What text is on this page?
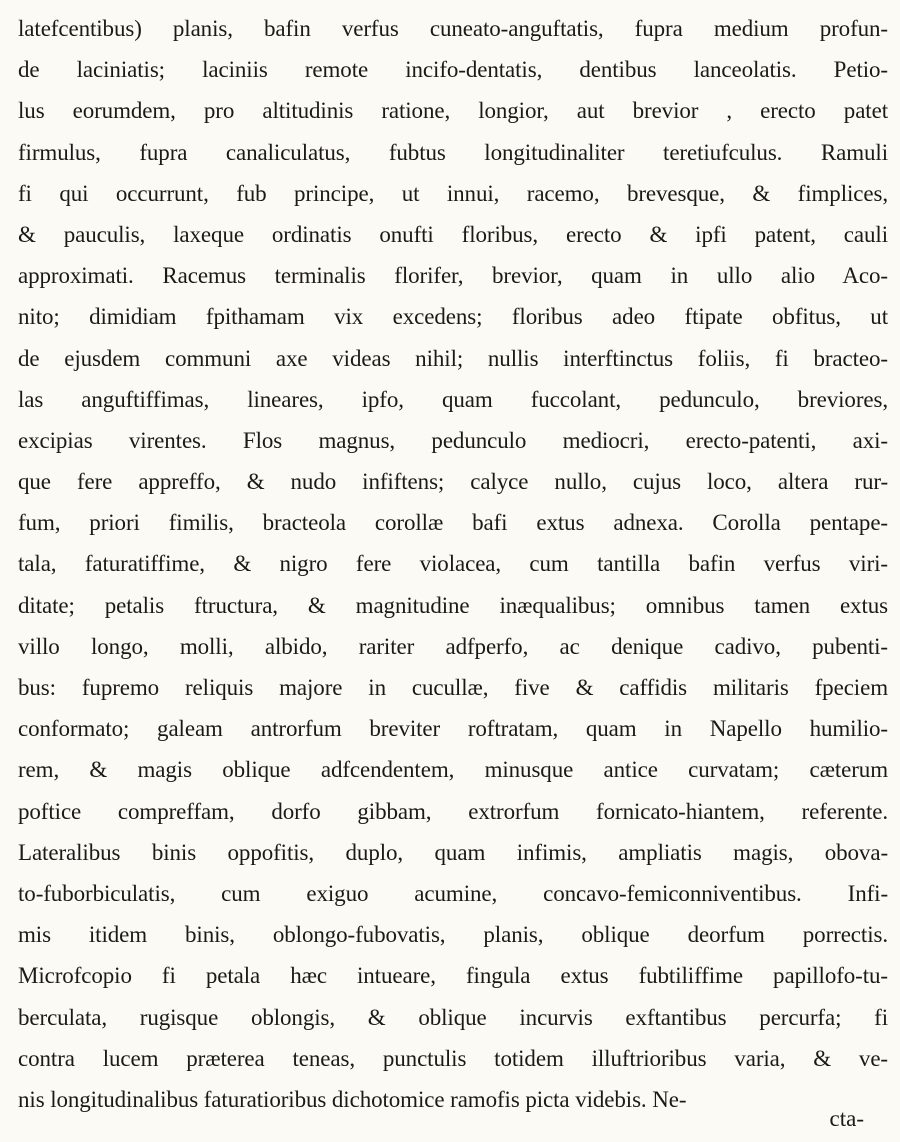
latefcentibus) planis, bafin verfus cuneato-anguftatis, fupra medium profun-
de laciniatis; laciniis remote incifo-dentatis, dentibus lanceolatis. Petio-
lus eorumdem, pro altitudinis ratione, longior, aut brevior , erecto patet
firmulus, fupra canaliculatus, fubtus longitudinaliter teretiufculus. Ramuli
fi qui occurrunt, fub principe, ut innui, racemo, brevesque, & fimplices,
& pauculis, laxeque ordinatis onufti floribus, erecto & ipfi patent, cauli
approximati. Racemus terminalis florifer, brevior, quam in ullo alio Aco-
nito; dimidiam fpithamam vix excedens; floribus adeo ftipate obfitus, ut
de ejusdem communi axe videas nihil; nullis interftinctus foliis, fi bracteo-
las anguftiffimas, lineares, ipfo, quam fuccolant, pedunculo, breviores,
excipias virentes. Flos magnus, pedunculo mediocri, erecto-patenti, axi-
que fere appreffo, & nudo infiftens; calyce nullo, cujus loco, altera rur-
fum, priori fimilis, bracteola corollæ bafi extus adnexa. Corolla pentape-
tala, faturatiffime, & nigro fere violacea, cum tantilla bafin verfus viri-
ditate; petalis ftructura, & magnitudine inæqualibus; omnibus tamen extus
villo longo, molli, albido, rariter adfperfo, ac denique cadivo, pubenti-
bus: fupremo reliquis majore in cucullæ, five & caffidis militaris fpeciem
conformato; galeam antrorfum breviter roftratam, quam in Napello humilio-
rem, & magis oblique adfcendentem, minusque antice curvatam; cæterum
poftice compreffam, dorfo gibbam, extrorfum fornicato-hiantem, referente.
Lateralibus binis oppofitis, duplo, quam infimis, ampliatis magis, obova-
to-fuborbiculatis, cum exiguo acumine, concavo-femiconniventibus. Infi-
mis itidem binis, oblongo-fubovatis, planis, oblique deorfum porrectis.
Microfcopio fi petala hæc intueare, fingula extus fubtiliffime papillofo-tu-
berculata, rugisque oblongis, & oblique incurvis exftantibus percurfa; fi
contra lucem præterea teneas, punctulis totidem illuftrioribus varia, & ve-
nis longitudinalibus faturatioribus dichotomice ramofis picta videbis. Ne-
cta-
